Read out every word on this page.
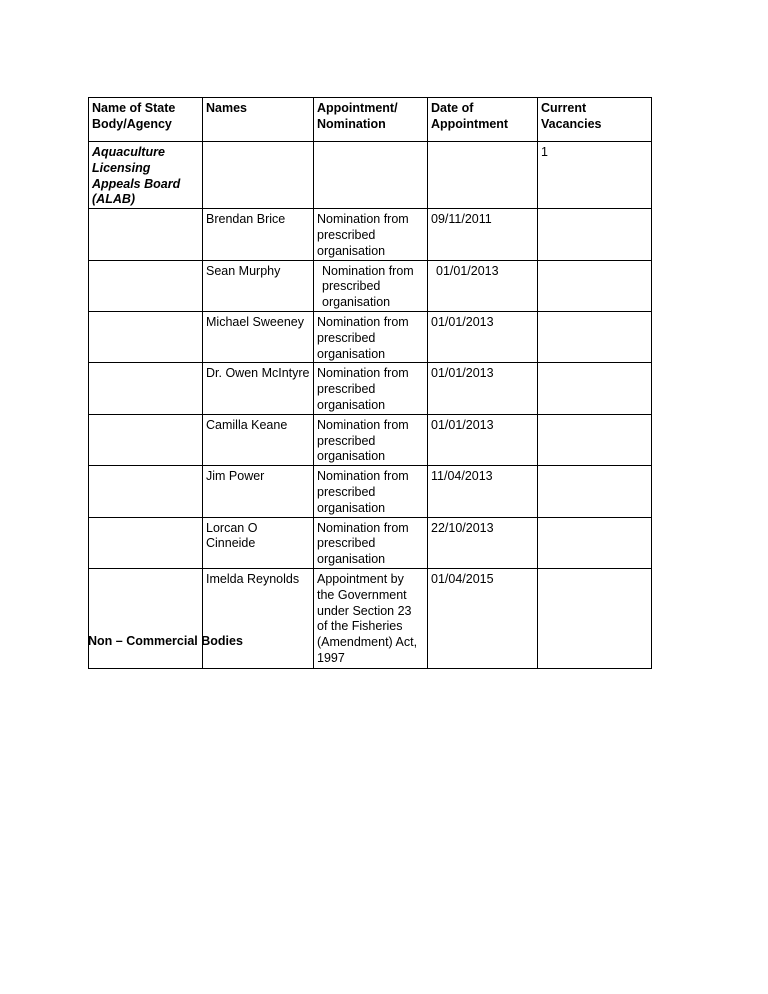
Name of State Body/Agency	Names	Appointment/ Nomination	Date of Appointment	Current Vacancies
Aquaculture Licensing Appeals Board (ALAB)				1
	Brendan Brice	Nomination from prescribed organisation	09/11/2011	
	Sean Murphy	Nomination from prescribed organisation	01/01/2013	
	Michael Sweeney	Nomination from prescribed organisation	01/01/2013	
	Dr. Owen McIntyre	Nomination from prescribed organisation	01/01/2013	
	Camilla Keane	Nomination from prescribed organisation	01/01/2013	
	Jim Power	Nomination from prescribed organisation	11/04/2013	
	Lorcan O Cinneide	Nomination from prescribed organisation	22/10/2013	
	Imelda Reynolds	Appointment by the Government under Section 23 of the Fisheries (Amendment) Act, 1997	01/04/2015	
Non – Commercial Bodies
